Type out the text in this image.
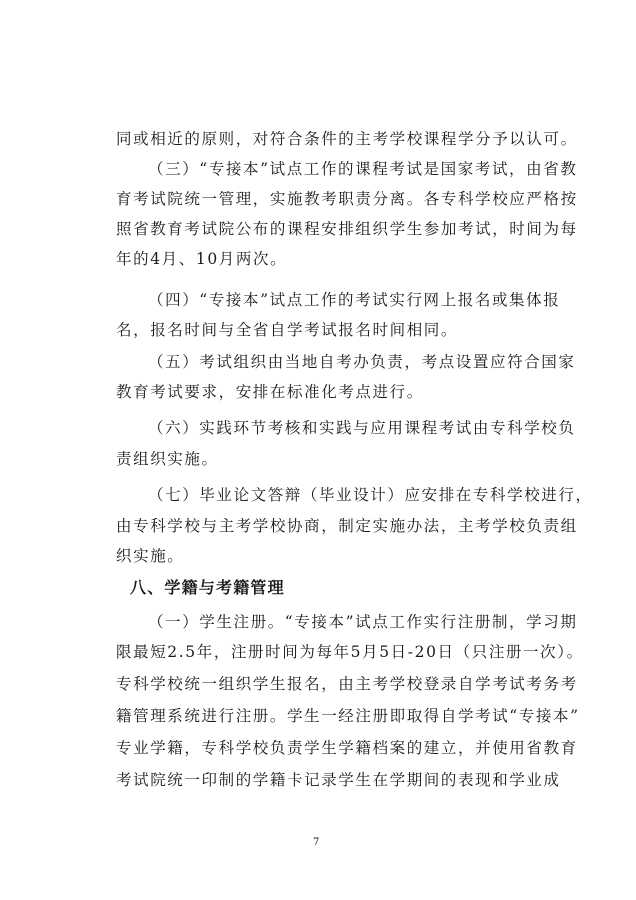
同或相近的原则，对符合条件的主考学校课程学分予以认可。
（三）“专接本”试点工作的课程考试是国家考试，由省教
育考试院统一管理，实施教考职责分离。各专科学校应严格按
照省教育考试院公布的课程安排组织学生参加考试，时间为每
年的4月、10月两次。
（四）“专接本”试点工作的考试实行网上报名或集体报
名，报名时间与全省自学考试报名时间相同。
（五）考试组织由当地自考办负责，考点设置应符合国家
教育考试要求，安排在标准化考点进行。
（六）实践环节考核和实践与应用课程考试由专科学校负
责组织实施。
（七）毕业论文答辩（毕业设计）应安排在专科学校进行，
由专科学校与主考学校协商，制定实施办法，主考学校负责组
织实施。
八、学籍与考籍管理
（一）学生注册。“专接本”试点工作实行注册制，学习期
限最短2.5年，注册时间为每年5月5日-20日（只注册一次）。
专科学校统一组织学生报名，由主考学校登录自学考试考务考
籍管理系统进行注册。学生一经注册即取得自学考试“专接本”
专业学籍，专科学校负责学生学籍档案的建立，并使用省教育
考试院统一印制的学籍卡记录学生在学期间的表现和学业成
7
